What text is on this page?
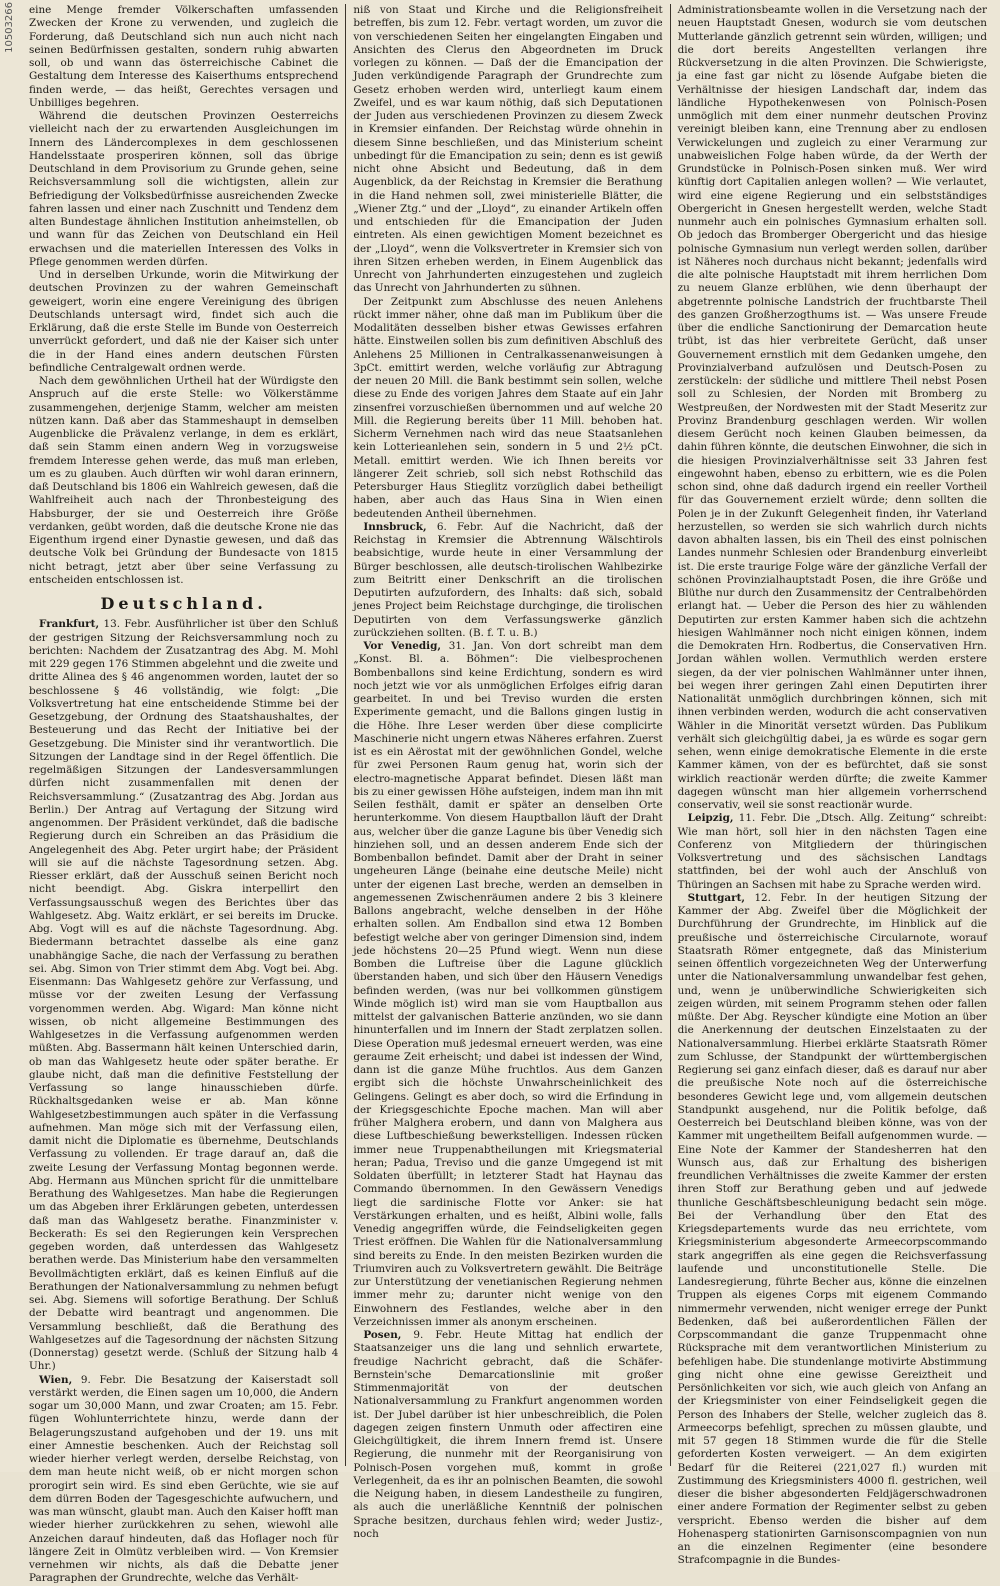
10503266 eine Menge fremder Völkerschaften umfassenden Zwecken der Krone zu verwenden, und zugleich die Forderung, daß Deutschland sich nun auch nicht nach seinen Bedürfnissen gestalten, sondern ruhig abwarten soll, ob und wann das österreichische Cabinet die Gestaltung dem Interesse des Kaiserthums entsprechend finden werde, — das heißt, Gerechtes versagen und Unbilliges begehren.

Während die deutschen Provinzen Oesterreichs vielleicht nach der zu erwartenden Ausgleichungen im Innern des Ländercomplexes in dem geschlossenen Handelsstaate prosperiren können, soll das übrige Deutschland in dem Provisorium zu Grunde gehen, seine Reichsversammlung soll die wichtigsten, allein zur Befriedigung der Volksbedürfnisse ausreichenden Zwecke fahren lassen und einer nach Zuschnitt und Tendenz dem alten Bundestage ähnlichen Institution anheimstellen, ob und wann für das Zeichen von Deutschland ein Heil erwachsen und die materiellen Interessen des Volks in Pflege genommen werden dürfen.

Und in derselben Urkunde, worin die Mitwirkung der deutschen Provinzen zu der wahren Gemeinschaft geweigert, worin eine engere Vereinigung des übrigen Deutschlands untersagt wird, findet sich auch die Erklärung, daß die erste Stelle im Bunde von Oesterreich unverrückt gefordert, und daß nie der Kaiser sich unter die in der Hand eines andern deutschen Fürsten befindliche Centralgewalt ordnen werde.

Nach dem gewöhnlichen Urtheil hat der Würdigste den Anspruch auf die erste Stelle: wo Völkerstämme zusammengehen, derjenige Stamm, welcher am meisten nützen kann. Daß aber das Stammeshaupt in demselben Augenblicke die Prävalenz verlange, in dem es erklärt, daß sein Stamm einen andern Weg in vorzugsweise fremdem Interesse gehen werde, das muß man erleben, um es zu glauben. Auch dürften wir wohl daran erinnern, daß Deutschland bis 1806 ein Wahlreich gewesen, daß die Wahlfreiheit auch nach der Thronbesteigung des Habsburger, der sie und Oesterreich ihre Größe verdanken, geübt worden, daß die deutsche Krone nie das Eigenthum irgend einer Dynastie gewesen, und daß das deutsche Volk bei Gründung der Bundesacte von 1815 nicht betragt, jetzt aber über seine Verfassung zu entscheiden entschlossen ist.

Deutschland.

Frankfurt, 13. Febr. Ausführlicher ist über den Schluß der gestrigen Sitzung der Reichsversammlung noch zu berichten: Nachdem der Zusatzantrag des Abg. M. Mohl mit 229 gegen 176 Stimmen abgelehnt und die zweite und dritte Alinea des § 46 angenommen worden, lautet der so beschlossene § 46 vollständig, wie folgt: „Die Volksvertretung hat eine entscheidende Stimme bei der Gesetzgebung, der Ordnung des Staatshaushaltes, der Besteuerung und das Recht der Initiative bei der Gesetzgebung. Die Minister sind ihr verantwortlich. Die Sitzungen der Landtage sind in der Regel öffentlich. Die regelmäßigen Sitzungen der Landesversammlungen dürfen nicht zusammenfallen mit denen der Reichsversammlung.“ (Zusatzantrag des Abg. Jordan aus Berlin.) Der Antrag auf Vertagung der Sitzung wird angenommen. Der Präsident verkündet, daß die badische Regierung durch ein Schreiben an das Präsidium die Angelegenheit des Abg. Peter urgirt habe; der Präsident will sie auf die nächste Tagesordnung setzen. Abg. Riesser erklärt, daß der Ausschuß seinen Bericht noch nicht beendigt. Abg. Giskra interpellirt den Verfassungsausschuß wegen des Berichtes über das Wahlgesetz. Abg. Waitz erklärt, er sei bereits im Drucke. Abg. Vogt will es auf die nächste Tagesordnung. Abg. Biedermann betrachtet dasselbe als eine ganz unabhängige Sache, die nach der Verfassung zu berathen sei. Abg. Simon von Trier stimmt dem Abg. Vogt bei. Abg. Eisenmann: Das Wahlgesetz gehöre zur Verfassung, und müsse vor der zweiten Lesung der Verfassung vorgenommen werden. Abg. Wigard: Man könne nicht wissen, ob nicht allgemeine Bestimmungen des Wahlgesetzes in die Verfassung aufgenommen werden müßten. Abg. Bassermann hält keinen Unterschied darin, ob man das Wahlgesetz heute oder später berathe. Er glaube nicht, daß man die definitive Feststellung der Verfassung so lange hinausschieben dürfe. Rückhaltsgedanken weise er ab. Man könne Wahlgesetzbestimmungen auch später in die Verfassung aufnehmen. Man möge sich mit der Verfassung eilen, damit nicht die Diplomatie es übernehme, Deutschlands Verfassung zu vollenden. Er trage darauf an, daß die zweite Lesung der Verfassung Montag begonnen werde. Abg. Hermann aus München spricht für die unmittelbare Berathung des Wahlgesetzes. Man habe die Regierungen um das Abgeben ihrer Erklärungen gebeten, unterdessen daß man das Wahlgesetz berathe. Finanzminister v. Beckerath: Es sei den Regierungen kein Versprechen gegeben worden, daß unterdessen das Wahlgesetz berathen werde. Das Ministerium habe den versammelten Bevollmächtigten erklärt, daß es keinen Einfluß auf die Berathungen der Nationalversammlung zu nehmen befugt sei. Abg. Siemens will sofortige Berathung. Der Schluß der Debatte wird beantragt und angenommen. Die Versammlung beschließt, daß die Berathung des Wahlgesetzes auf die Tagesordnung der nächsten Sitzung (Donnerstag) gesetzt werde. (Schluß der Sitzung halb 4 Uhr.)

Wien, 9. Febr. Die Besatzung der Kaiserstadt soll verstärkt werden, die Einen sagen um 10,000, die Andern sogar um 30,000 Mann, und zwar Croaten; am 15. Febr. fügen Wohlunterrichtete hinzu, werde dann der Belagerungszustand aufgehoben und der 19. uns mit einer Amnestie beschenken. Auch der Reichstag soll wieder hierher verlegt werden, derselbe Reichstag, von dem man heute nicht weiß, ob er nicht morgen schon prorogirt sein wird. Es sind eben Gerüchte, wie sie auf dem dürren Boden der Tagesgeschichte aufwuchern, und was man wünscht, glaubt man. Auch den Kaiser hofft man wieder hierher zurückkehren zu sehen, wiewohl alle Anzeichen darauf hindeuten, daß das Hoflager noch für längere Zeit in Olmütz verbleiben wird. — Von Kremsier vernehmen wir nichts, als daß die Debatte jener Paragraphen der Grundrechte, welche das Verhält-

niß von Staat und Kirche und die Religionsfreiheit betreffen, bis zum 12. Febr. vertagt worden, um zuvor die von verschiedenen Seiten her eingelangten Eingaben und Ansichten des Clerus den Abgeordneten im Druck vorlegen zu können. — Daß der die Emancipation der Juden verkündigende Paragraph der Grundrechte zum Gesetz erhoben werden wird, unterliegt kaum einem Zweifel, und es war kaum nöthig, daß sich Deputationen der Juden aus verschiedenen Provinzen zu diesem Zweck in Kremsier einfanden. Der Reichstag würde ohnehin in diesem Sinne beschließen, und das Ministerium scheint unbedingt für die Emancipation zu sein; denn es ist gewiß nicht ohne Absicht und Bedeutung, daß in dem Augenblick, da der Reichstag in Kremsier die Berathung in die Hand nehmen soll, zwei ministerielle Blätter, die „Wiener Ztg.“ und der „Lloyd“, zu einander Artikeln offen und entschieden für die Emancipation der Juden eintreten. Als einen gewichtigen Moment bezeichnet es der „Lloyd“, wenn die Volksvertreter in Kremsier sich von ihren Sitzen erheben werden, in Einem Augenblick das Unrecht von Jahrhunderten einzugestehen und zugleich das Unrecht von Jahrhunderten zu sühnen.

Der Zeitpunkt zum Abschlusse des neuen Anlehens rückt immer näher, ohne daß man im Publikum über die Modalitäten desselben bisher etwas Gewisses erfahren hätte. Einstweilen sollen bis zum definitiven Abschluß des Anlehens 25 Millionen in Centralkassenanweisungen à 3pCt. emittirt werden, welche vorläufig zur Abtragung der neuen 20 Mill. die Bank bestimmt sein sollen, welche diese zu Ende des vorigen Jahres dem Staate auf ein Jahr zinsenfrei vorzuschießen übernommen und auf welche 20 Mill. die Regierung bereits über 11 Mill. behoben hat. Sicherm Vernehmen nach wird das neue Staatsanlehen kein Lotterieanlehen sein, sondern in 5 und 2½ pCt. Metall. emittirt werden. Wie ich Ihnen bereits vor längerer Zeit schrieb, soll sich nebst Rothschild das Petersburger Haus Stieglitz vorzüglich dabei betheiligt haben, aber auch das Haus Sina in Wien einen bedeutenden Antheil übernehmen.

Innsbruck, 6. Febr. Auf die Nachricht, daß der Reichstag in Kremsier die Abtrennung Wälschtirols beabsichtige, wurde heute in einer Versammlung der Bürger beschlossen, alle deutsch-tirolischen Wahlbezirke zum Beitritt einer Denkschrift an die tirolischen Deputirten aufzufordern, des Inhalts: daß sich, sobald jenes Project beim Reichstage durchginge, die tirolischen Deputirten von dem Verfassungswerke gänzlich zurückziehen sollten. (B. f. T. u. B.)

Vor Venedig, 31. Jan. Von dort schreibt man dem „Konst. Bl. a. Böhmen“: Die vielbesprochenen Bombenballons sind keine Erdichtung, sondern es wird noch jetzt wie vor als unmöglichen Erfolges eifrig daran gearbeitet. In und bei Treviso wurden die ersten Experimente gemacht, und die Ballons gingen lustig in die Höhe. Ihre Leser werden über diese complicirte Maschinerie nicht ungern etwas Näheres erfahren. Zuerst ist es ein Aërostat mit der gewöhnlichen Gondel, welche für zwei Personen Raum genug hat, worin sich der electro-magnetische Apparat befindet. Diesen läßt man bis zu einer gewissen Höhe aufsteigen, indem man ihn mit Seilen festhält, damit er später an denselben Orte herunterkomme. Von diesem Hauptballon läuft der Draht aus, welcher über die ganze Lagune bis über Venedig sich hinziehen soll, und an dessen anderem Ende sich der Bombenballon befindet. Damit aber der Draht in seiner ungeheuren Länge (beinahe eine deutsche Meile) nicht unter der eigenen Last breche, werden an demselben in angemessenen Zwischenräumen andere 2 bis 3 kleinere Ballons angebracht, welche denselben in der Höhe erhalten sollen. Am Endballon sind etwa 12 Bomben befestigt welche aber von geringer Dimension sind, indem jede höchstens 20—25 Pfund wiegt. Wenn nun diese Bomben die Luftreise über die Lagune glücklich überstanden haben, und sich über den Häusern Venedigs befinden werden, (was nur bei vollkommen günstigem Winde möglich ist) wird man sie vom Hauptballon aus mittelst der galvanischen Batterie anzünden, wo sie dann hinunterfallen und im Innern der Stadt zerplatzen sollen. Diese Operation muß jedesmal erneuert werden, was eine geraume Zeit erheischt; und dabei ist indessen der Wind, dann ist die ganze Mühe fruchtlos. Aus dem Ganzen ergibt sich die höchste Unwahrscheinlichkeit des Gelingens. Gelingt es aber doch, so wird die Erfindung in der Kriegsgeschichte Epoche machen. Man will aber früher Malghera erobern, und dann von Malghera aus diese Luftbeschießung bewerkstelligen. Indessen rücken immer neue Truppenabtheilungen mit Kriegsmaterial heran; Padua, Treviso und die ganze Umgegend ist mit Soldaten überfüllt; in letzterer Stadt hat Haynau das Commando übernommen. In den Gewässern Venedigs liegt die sardinische Flotte vor Anker: sie hat Verstärkungen erhalten, und es heißt, Albini wolle, falls Venedig angegriffen würde, die Feindseligkeiten gegen Triest eröffnen. Die Wahlen für die Nationalversammlung sind bereits zu Ende. In den meisten Bezirken wurden die Triumviren auch zu Volksvertretern gewählt. Die Beiträge zur Unterstützung der venetianischen Regierung nehmen immer mehr zu; darunter nicht wenige von den Einwohnern des Festlandes, welche aber in den Verzeichnissen immer als anonym erscheinen.

Posen, 9. Febr. Heute Mittag hat endlich der Staatsanzeiger uns die lang und sehnlich erwartete, freudige Nachricht gebracht, daß die Schäfer-Bernstein'sche Demarcationslinie mit großer Stimmenmajorität von der deutschen Nationalversammlung zu Frankfurt angenommen worden ist. Der Jubel darüber ist hier unbeschreiblich, die Polen dagegen zeigen finstern Unmuth oder affectiren eine Gleichgültigkeit, die ihrem Innern fremd ist. Unsere Regierung, die nunmehr mit der Reorganisirung von Polnisch-Posen vorgehen muß, kommt in große Verlegenheit, da es ihr an polnischen Beamten, die sowohl die Neigung haben, in diesem Landestheile zu fungiren, als auch die unerläßliche Kenntniß der polnischen Sprache besitzen, durchaus fehlen wird; weder Justiz-, noch

Administrationsbeamte wollen in die Versetzung nach der neuen Hauptstadt Gnesen, wodurch sie vom deutschen Mutterlande gänzlich getrennt sein würden, willigen; und die dort bereits Angestellten verlangen ihre Rückversetzung in die alten Provinzen. Die Schwierigste, ja eine fast gar nicht zu lösende Aufgabe bieten die Verhältnisse der hiesigen Landschaft dar, indem das ländliche Hypothekenwesen von Polnisch-Posen unmöglich mit dem einer nunmehr deutschen Provinz vereinigt bleiben kann, eine Trennung aber zu endlosen Verwickelungen und zugleich zu einer Verarmung zur unabweislichen Folge haben würde, da der Werth der Grundstücke in Polnisch-Posen sinken muß. Wer wird künftig dort Capitalien anlegen wollen? — Wie verlautet, wird eine eigene Regierung und ein selbstständiges Obergericht in Gnesen hergestellt werden, welche Stadt nunmehr auch ein polnisches Gymnasium erhalten soll. Ob jedoch das Bromberger Obergericht und das hiesige polnische Gymnasium nun verlegt werden sollen, darüber ist Näheres noch durchaus nicht bekannt; jedenfalls wird die alte polnische Hauptstadt mit ihrem herrlichen Dom zu neuem Glanze erblühen, wie denn überhaupt der abgetrennte polnische Landstrich der fruchtbarste Theil des ganzen Großherzogthums ist. — Was unsere Freude über die endliche Sanctionirung der Demarcation heute trübt, ist das hier verbreitete Gerücht, daß unser Gouvernement ernstlich mit dem Gedanken umgehe, den Provinzialverband aufzulösen und Deutsch-Posen zu zerstückeln: der südliche und mittlere Theil nebst Posen soll zu Schlesien, der Norden mit Bromberg zu Westpreußen, der Nordwesten mit der Stadt Meseritz zur Provinz Brandenburg geschlagen werden. Wir wollen diesem Gerücht noch keinen Glauben beimessen, da dahin führen könnte, die deutschen Einwohner, die sich in die hiesigen Provinzialverhältnisse seit 33 Jahren fest eingewohnt haben, ebenso zu erbittern, wie es die Polen schon sind, ohne daß dadurch irgend ein reeller Vortheil für das Gouvernement erzielt würde; denn sollten die Polen je in der Zukunft Gelegenheit finden, ihr Vaterland herzustellen, so werden sie sich wahrlich durch nichts davon abhalten lassen, bis ein Theil des einst polnischen Landes nunmehr Schlesien oder Brandenburg einverleibt ist. Die erste traurige Folge wäre der gänzliche Verfall der schönen Provinzialhauptstadt Posen, die ihre Größe und Blüthe nur durch den Zusammensitz der Centralbehörden erlangt hat. — Ueber die Person des hier zu wählenden Deputirten zur ersten Kammer haben sich die achtzehn hiesigen Wahlmänner noch nicht einigen können, indem die Demokraten Hrn. Rodbertus, die Conservativen Hrn. Jordan wählen wollen. Vermuthlich werden erstere siegen, da der vier polnischen Wahlmänner unter ihnen, bei wegen ihrer geringen Zahl einen Deputirten ihrer Nationalität unmöglich durchbringen können, sich mit ihnen verbinden werden, wodurch die acht conservativen Wähler in die Minorität versetzt würden. Das Publikum verhält sich gleichgültig dabei, ja es würde es sogar gern sehen, wenn einige demokratische Elemente in die erste Kammer kämen, von der es befürchtet, daß sie sonst wirklich reactionär werden dürfte; die zweite Kammer dagegen wünscht man hier allgemein vorherrschend conservativ, weil sie sonst reactionär wurde.

Leipzig, 11. Febr. Die „Dtsch. Allg. Zeitung“ schreibt: Wie man hört, soll hier in den nächsten Tagen eine Conferenz von Mitgliedern der thüringischen Volksvertretung und des sächsischen Landtags stattfinden, bei der wohl auch der Anschluß von Thüringen an Sachsen mit habe zu Sprache werden wird.

Stuttgart, 12. Febr. In der heutigen Sitzung der Kammer der Abg. Zweifel über die Möglichkeit der Durchführung der Grundrechte, im Hinblick auf die preußische und österreichische Circularnote, worauf Staatsrath Römer entgegnete, daß das Ministerium seinen öffentlich vorgezeichneten Weg der Unterwerfung unter die Nationalversammlung unwandelbar fest gehen, und, wenn je unüberwindliche Schwierigkeiten sich zeigen würden, mit seinem Programm stehen oder fallen müßte. Der Abg. Reyscher kündigte eine Motion an über die Anerkennung der deutschen Einzelstaaten zu der Nationalversammlung. Hierbei erklärte Staatsrath Römer zum Schlusse, der Standpunkt der württembergischen Regierung sei ganz einfach dieser, daß es darauf nur aber die preußische Note noch auf die österreichische besonderes Gewicht lege und, vom allgemein deutschen Standpunkt ausgehend, nur die Politik befolge, daß Oesterreich bei Deutschland bleiben könne, was von der Kammer mit ungetheiltem Beifall aufgenommen wurde. — Eine Note der Kammer der Standesherren hat den Wunsch aus, daß zur Erhaltung des bisherigen freundlichen Verhältnisses die zweite Kammer der ersten ihren Stoff zur Berathung geben und auf jedwede thunliche Geschäftsbeschleunigung bedacht sein möge. Bei der Verhandlung über den Etat des Kriegsdepartements wurde das neu errichtete, vom Kriegsministerium abgesonderte Armeecorpscommando stark angegriffen als eine gegen die Reichsverfassung laufende und unconstitutionelle Stelle. Die Landesregierung, führte Becher aus, könne die einzelnen Truppen als eigenes Corps mit eigenem Commando nimmermehr verwenden, nicht weniger errege der Punkt Bedenken, daß bei außerordentlichen Fällen der Corpscommandant die ganze Truppenmacht ohne Rücksprache mit dem verantwortlichen Ministerium zu befehligen habe. Die stundenlange motivirte Abstimmung ging nicht ohne eine gewisse Gereiztheit und Persönlichkeiten vor sich, wie auch gleich von Anfang an der Kriegsminister von einer Feindseligkeit gegen die Person des Inhabers der Stelle, welcher zugleich das 8. Armeecorps befehligt, sprechen zu müssen glaubte, und mit 57 gegen 18 Stimmen wurde die für die Stelle geforderten Kosten verweigert. — An dem exigirten Bedarf für die Reiterei (221,027 fl.) wurden mit Zustimmung des Kriegsministers 4000 fl. gestrichen, weil dieser die bisher abgesonderten Feldjägerschwadronen einer andere Formation der Regimenter selbst zu geben verspricht. Ebenso werden die bisher auf dem Hohenasperg stationirten Garnisonscompagnien von nun an die einzelnen Regimenter (eine besondere Strafcompagnie in die Bundes-
